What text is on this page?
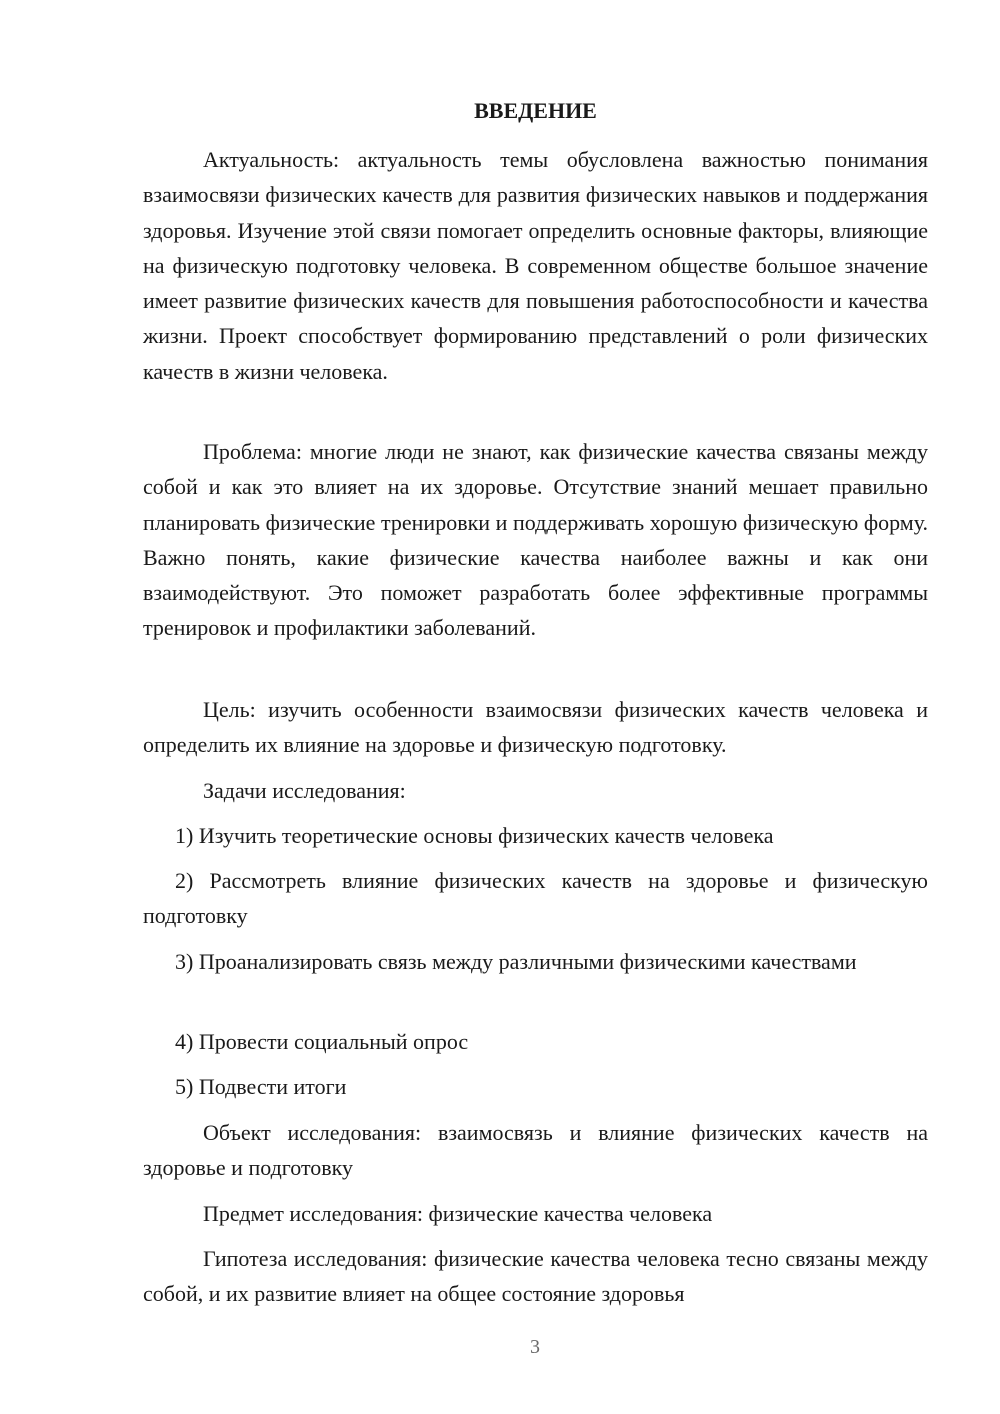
ВВЕДЕНИЕ

Актуальность: актуальность темы обусловлена важностью понимания взаимосвязи физических качеств для развития физических навыков и поддержания здоровья. Изучение этой связи помогает определить основные факторы, влияющие на физическую подготовку человека. В современном обществе большое значение имеет развитие физических качеств для повышения работоспособности и качества жизни. Проект способствует формированию представлений о роли физических качеств в жизни человека.

Проблема: многие люди не знают, как физические качества связаны между собой и как это влияет на их здоровье. Отсутствие знаний мешает правильно планировать физические тренировки и поддерживать хорошую физическую форму. Важно понять, какие физические качества наиболее важны и как они взаимодействуют. Это поможет разработать более эффективные программы тренировок и профилактики заболеваний.

Цель: изучить особенности взаимосвязи физических качеств человека и определить их влияние на здоровье и физическую подготовку.

Задачи исследования:

1) Изучить теоретические основы физических качеств человека

2) Рассмотреть влияние физических качеств на здоровье и физическую подготовку

3) Проанализировать связь между различными физическими качествами

4) Провести социальный опрос

5) Подвести итоги

Объект исследования: взаимосвязь и влияние физических качеств на здоровье и подготовку

Предмет исследования: физические качества человека

Гипотеза исследования: физические качества человека тесно связаны между собой, и их развитие влияет на общее состояние здоровья

3
